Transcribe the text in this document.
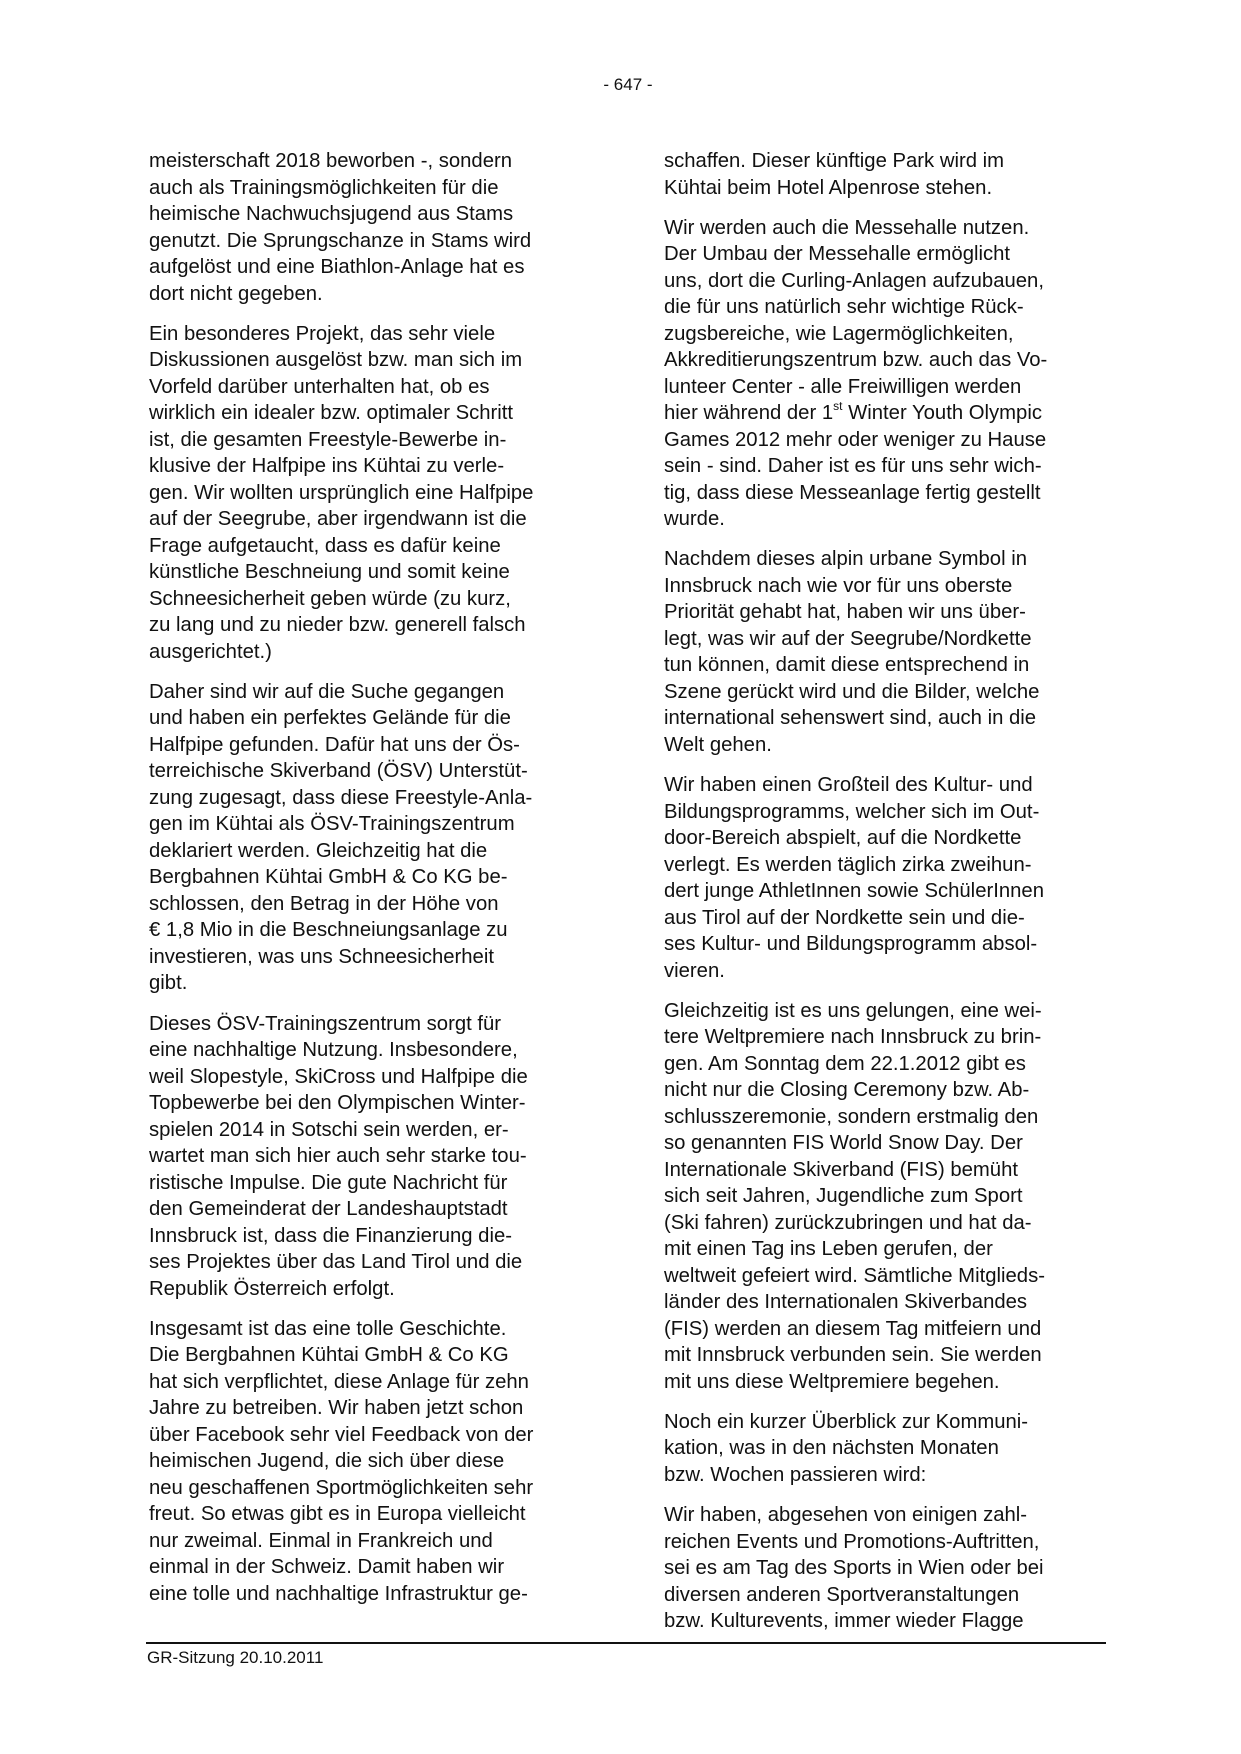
- 647 -

meisterschaft 2018 beworben -, sondern
auch als Trainingsmöglichkeiten für die
heimische Nachwuchsjugend aus Stams
genutzt. Die Sprungschanze in Stams wird
aufgelöst und eine Biathlon-Anlage hat es
dort nicht gegeben.

Ein besonderes Projekt, das sehr viele
Diskussionen ausgelöst bzw. man sich im
Vorfeld darüber unterhalten hat, ob es
wirklich ein idealer bzw. optimaler Schritt
ist, die gesamten Freestyle-Bewerbe in-
klusive der Halfpipe ins Kühtai zu verle-
gen. Wir wollten ursprünglich eine Halfpipe
auf der Seegrube, aber irgendwann ist die
Frage aufgetaucht, dass es dafür keine
künstliche Beschneiung und somit keine
Schneesicherheit geben würde (zu kurz,
zu lang und zu nieder bzw. generell falsch
ausgerichtet.)

Daher sind wir auf die Suche gegangen
und haben ein perfektes Gelände für die
Halfpipe gefunden. Dafür hat uns der Ös-
terreichische Skiverband (ÖSV) Unterstüt-
zung zugesagt, dass diese Freestyle-Anla-
gen im Kühtai als ÖSV-Trainingszentrum
deklariert werden. Gleichzeitig hat die
Bergbahnen Kühtai GmbH & Co KG be-
schlossen, den Betrag in der Höhe von
€ 1,8 Mio in die Beschneiungsanlage zu
investieren, was uns Schneesicherheit
gibt.

Dieses ÖSV-Trainingszentrum sorgt für
eine nachhaltige Nutzung. Insbesondere,
weil Slopestyle, SkiCross und Halfpipe die
Topbewerbe bei den Olympischen Winter-
spielen 2014 in Sotschi sein werden, er-
wartet man sich hier auch sehr starke tou-
ristische Impulse. Die gute Nachricht für
den Gemeinderat der Landeshauptstadt
Innsbruck ist, dass die Finanzierung die-
ses Projektes über das Land Tirol und die
Republik Österreich erfolgt.

Insgesamt ist das eine tolle Geschichte.
Die Bergbahnen Kühtai GmbH & Co KG
hat sich verpflichtet, diese Anlage für zehn
Jahre zu betreiben. Wir haben jetzt schon
über Facebook sehr viel Feedback von der
heimischen Jugend, die sich über diese
neu geschaffenen Sportmöglichkeiten sehr
freut. So etwas gibt es in Europa vielleicht
nur zweimal. Einmal in Frankreich und
einmal in der Schweiz. Damit haben wir
eine tolle und nachhaltige Infrastruktur ge-

schaffen. Dieser künftige Park wird im
Kühtai beim Hotel Alpenrose stehen.

Wir werden auch die Messehalle nutzen.
Der Umbau der Messehalle ermöglicht
uns, dort die Curling-Anlagen aufzubauen,
die für uns natürlich sehr wichtige Rück-
zugsbereiche, wie Lagermöglichkeiten,
Akkreditierungszentrum bzw. auch das Vo-
lunteer Center - alle Freiwilligen werden
hier während der 1st Winter Youth Olympic
Games 2012 mehr oder weniger zu Hause
sein - sind. Daher ist es für uns sehr wich-
tig, dass diese Messeanlage fertig gestellt
wurde.

Nachdem dieses alpin urbane Symbol in
Innsbruck nach wie vor für uns oberste
Priorität gehabt hat, haben wir uns über-
legt, was wir auf der Seegrube/Nordkette
tun können, damit diese entsprechend in
Szene gerückt wird und die Bilder, welche
international sehenswert sind, auch in die
Welt gehen.

Wir haben einen Großteil des Kultur- und
Bildungsprogramms, welcher sich im Out-
door-Bereich abspielt, auf die Nordkette
verlegt. Es werden täglich zirka zweihun-
dert junge AthletInnen sowie SchülerInnen
aus Tirol auf der Nordkette sein und die-
ses Kultur- und Bildungsprogramm absol-
vieren.

Gleichzeitig ist es uns gelungen, eine wei-
tere Weltpremiere nach Innsbruck zu brin-
gen. Am Sonntag dem 22.1.2012 gibt es
nicht nur die Closing Ceremony bzw. Ab-
schlusszeremonie, sondern erstmalig den
so genannten FIS World Snow Day. Der
Internationale Skiverband (FIS) bemüht
sich seit Jahren, Jugendliche zum Sport
(Ski fahren) zurückzubringen und hat da-
mit einen Tag ins Leben gerufen, der
weltweit gefeiert wird. Sämtliche Mitglieds-
länder des Internationalen Skiverbandes
(FIS) werden an diesem Tag mitfeiern und
mit Innsbruck verbunden sein. Sie werden
mit uns diese Weltpremiere begehen.

Noch ein kurzer Überblick zur Kommuni-
kation, was in den nächsten Monaten
bzw. Wochen passieren wird:

Wir haben, abgesehen von einigen zahl-
reichen Events und Promotions-Auftritten,
sei es am Tag des Sports in Wien oder bei
diversen anderen Sportveranstaltungen
bzw. Kulturevents, immer wieder Flagge

GR-Sitzung 20.10.2011
